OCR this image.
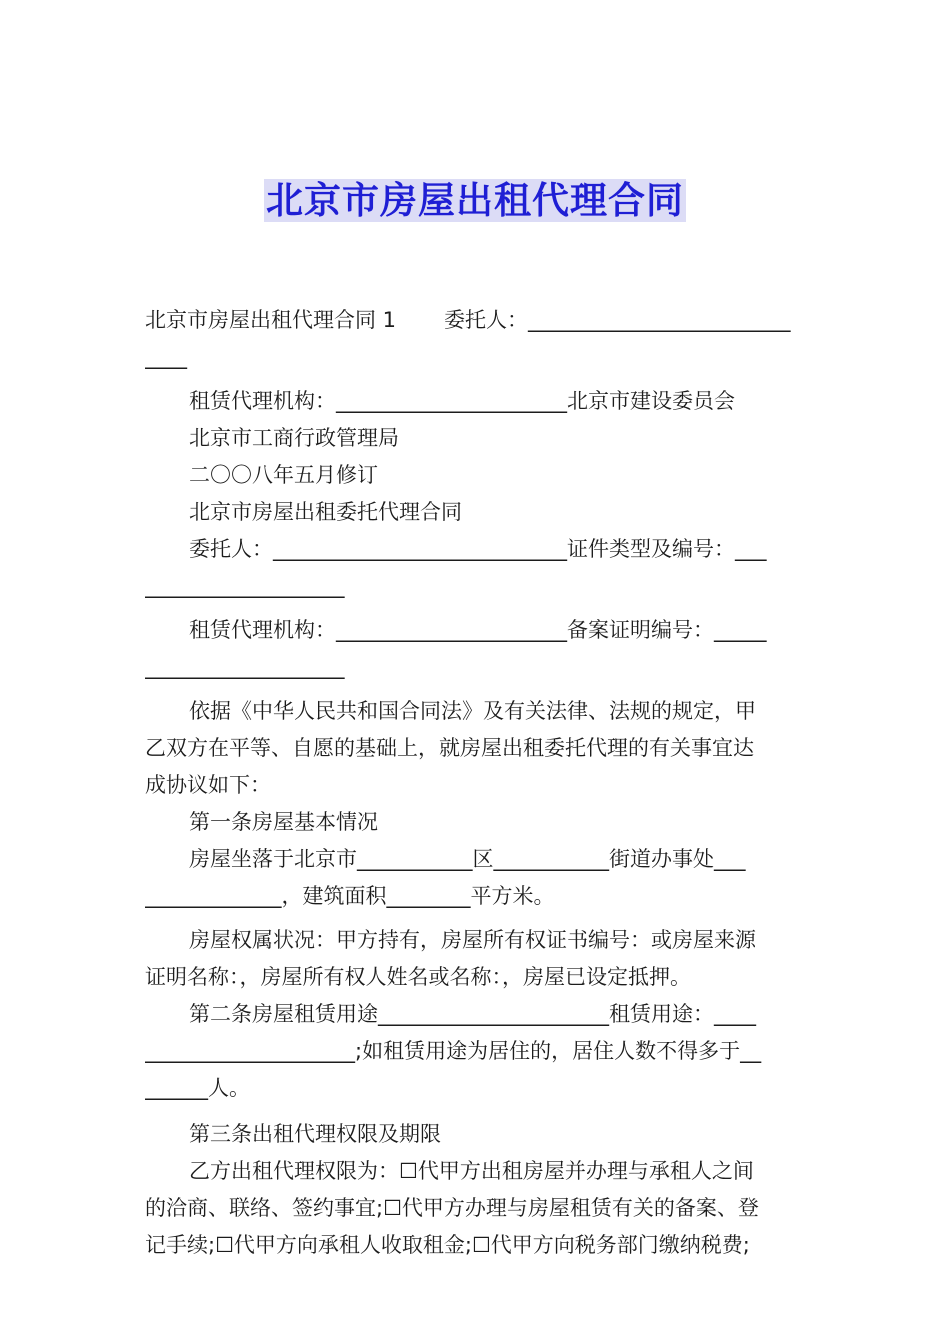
北京市房屋出租代理合同

北京市房屋出租代理合同 1 委托人：_________________________

____

租赁代理机构：______________________北京市建设委员会

北京市工商行政管理局

二〇〇八年五月修订

北京市房屋出租委托代理合同

委托人：____________________________证件类型及编号：___

___________________

租赁代理机构：______________________备案证明编号：_____

___________________

依据《中华人民共和国合同法》及有关法律、法规的规定，甲

乙双方在平等、自愿的基础上，就房屋出租委托代理的有关事宜达

成协议如下：

第一条房屋基本情况

房屋坐落于北京市___________区___________街道办事处___

_____________，建筑面积________平方米。

房屋权属状况：甲方持有，房屋所有权证书编号：或房屋来源

证明名称：，房屋所有权人姓名或名称：，房屋已设定抵押。

第二条房屋租赁用途______________________租赁用途：____

____________________;如租赁用途为居住的，居住人数不得多于__

______人。

第三条出租代理权限及期限

乙方出租代理权限为：☐代甲方出租房屋并办理与承租人之间

的洽商、联络、签约事宜;☐代甲方办理与房屋租赁有关的备案、登

记手续;☐代甲方向承租人收取租金;☐代甲方向税务部门缴纳税费;
